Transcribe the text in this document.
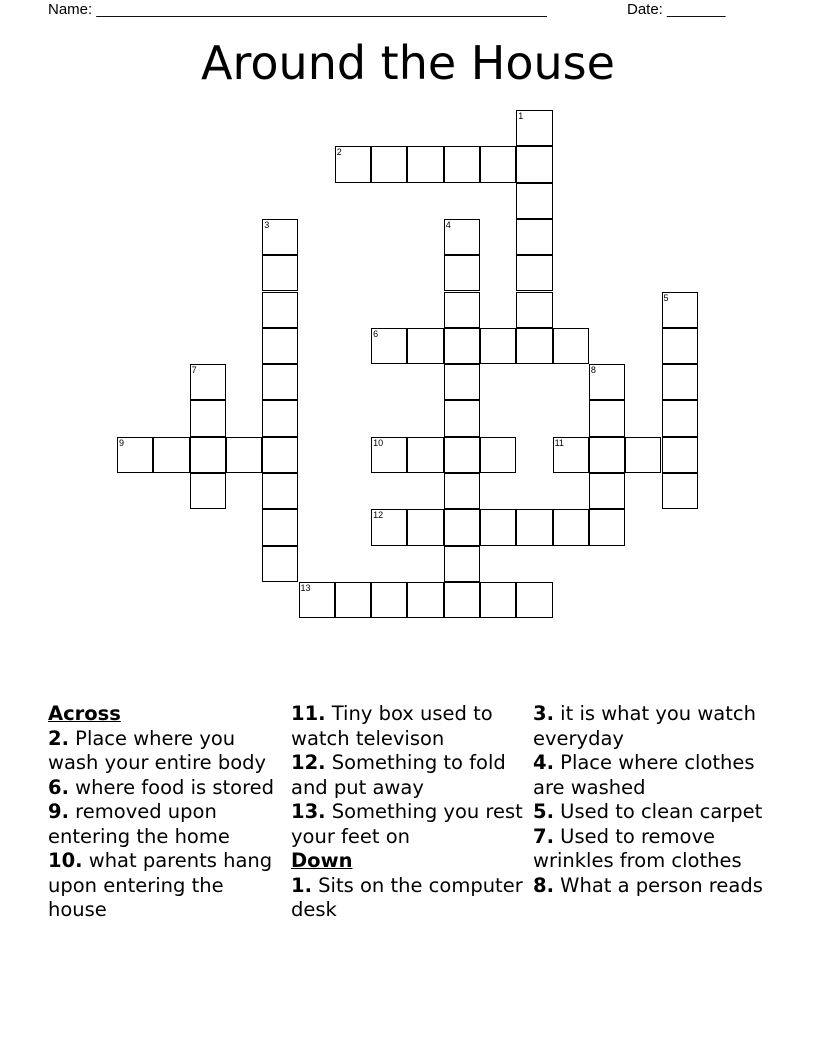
Name: ______________________________________________________	Date: _______
Around the House
1
2
3	4
5
6
7	8
9	10	11
12
13
Across
2. Place where you wash your entire body
6. where food is stored
9. removed upon entering the home
10. what parents hang upon entering the house
11. Tiny box used to watch televison
12. Something to fold and put away
13. Something you rest your feet on
Down
1. Sits on the computer desk
3. it is what you watch everyday
4. Place where clothes are washed
5. Used to clean carpet
7. Used to remove wrinkles from clothes
8. What a person reads
